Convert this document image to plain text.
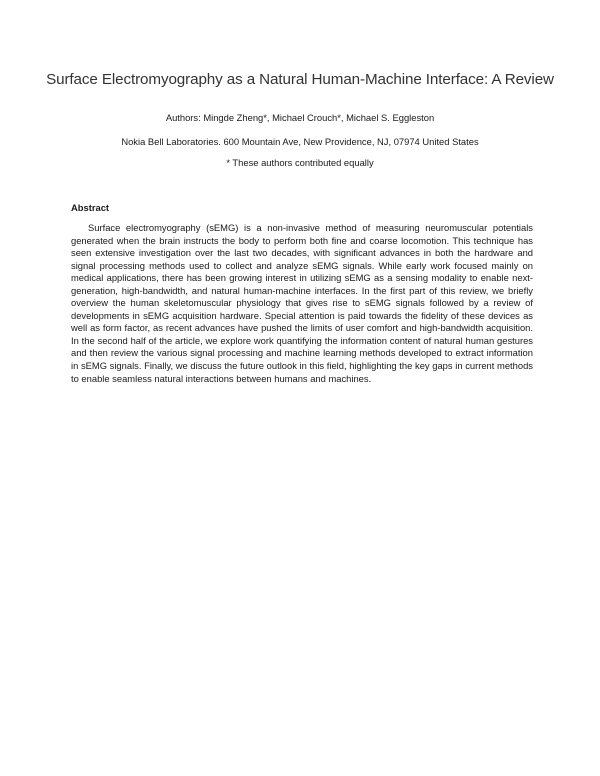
Surface Electromyography as a Natural Human-Machine Interface: A Review

Authors: Mingde Zheng*, Michael Crouch*, Michael S. Eggleston

Nokia Bell Laboratories. 600 Mountain Ave, New Providence, NJ, 07974 United States

* These authors contributed equally

Abstract

Surface electromyography (sEMG) is a non-invasive method of measuring neuromuscular potentials generated when the brain instructs the body to perform both fine and coarse locomotion. This technique has seen extensive investigation over the last two decades, with significant advances in both the hardware and signal processing methods used to collect and analyze sEMG signals. While early work focused mainly on medical applications, there has been growing interest in utilizing sEMG as a sensing modality to enable next-generation, high-bandwidth, and natural human-machine interfaces. In the first part of this review, we briefly overview the human skeletomuscular physiology that gives rise to sEMG signals followed by a review of developments in sEMG acquisition hardware. Special attention is paid towards the fidelity of these devices as well as form factor, as recent advances have pushed the limits of user comfort and high-bandwidth acquisition. In the second half of the article, we explore work quantifying the information content of natural human gestures and then review the various signal processing and machine learning methods developed to extract information in sEMG signals. Finally, we discuss the future outlook in this field, highlighting the key gaps in current methods to enable seamless natural interactions between humans and machines.
